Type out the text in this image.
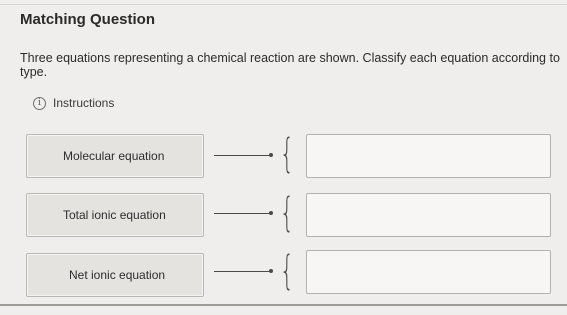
Matching Question
Three equations representing a chemical reaction are shown. Classify each equation according to type.
i	Instructions
Molecular equation	{
Total ionic equation	{
Net ionic equation	{
